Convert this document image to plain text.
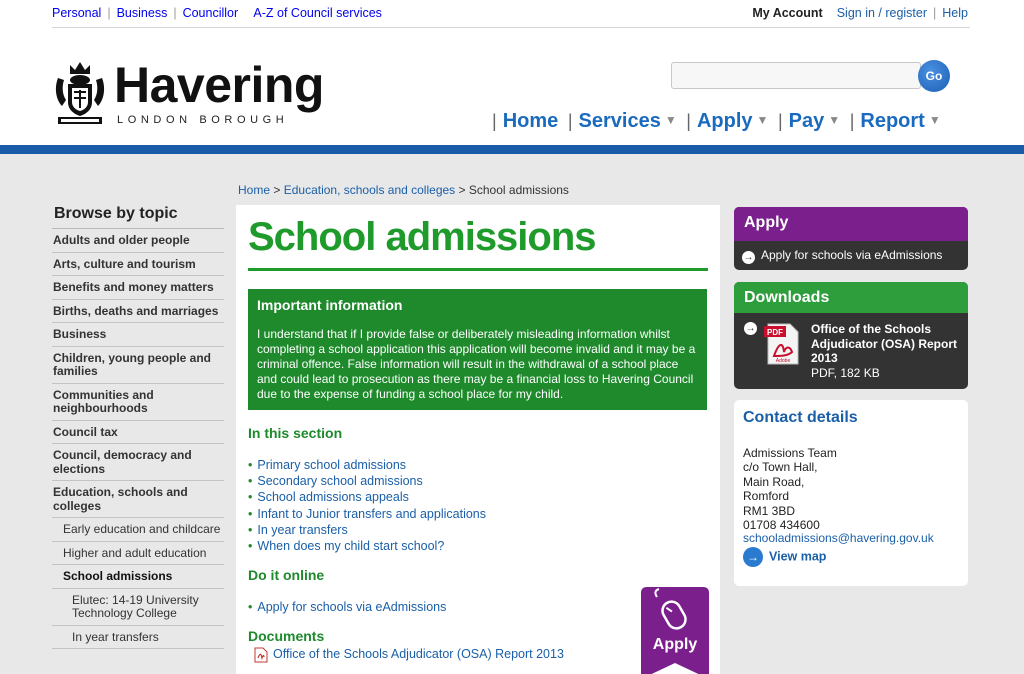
Personal | Business | Councillor A-Z of Council services	My Account Sign in / register | Help
Havering
LONDON BOROUGH
Go
| Home | Services ▼ | Apply ▼ | Pay ▼ | Report ▼
Home > Education, schools and colleges > School admissions
Browse by topic
Adults and older people
Arts, culture and tourism
Benefits and money matters
Births, deaths and marriages
Business
Children, young people and families
Communities and neighbourhoods
Council tax
Council, democracy and elections
Education, schools and colleges
Early education and childcare
Higher and adult education
School admissions
Elutec: 14-19 University Technology College
In year transfers
School admissions
Important information
I understand that if I provide false or deliberately misleading information whilst completing a school application this application will become invalid and it may be a criminal offence. False information will result in the withdrawal of a school place and could lead to prosecution as there may be a financial loss to Havering Council due to the expense of funding a school place for my child.
In this section
• Primary school admissions
• Secondary school admissions
• School admissions appeals
• Infant to Junior transfers and applications
• In year transfers
• When does my child start school?
Do it online
• Apply for schools via eAdmissions
Documents
Office of the Schools Adjudicator (OSA) Report 2013
Apply
Apply
→ Apply for schools via eAdmissions
Downloads
→ PDF
Adobe
Office of the Schools Adjudicator (OSA) Report 2013
PDF, 182 KB
Contact details
Admissions Team
c/o Town Hall,
Main Road,
Romford
RM1 3BD
01708 434600
schooladmissions@havering.gov.uk
→ View map
